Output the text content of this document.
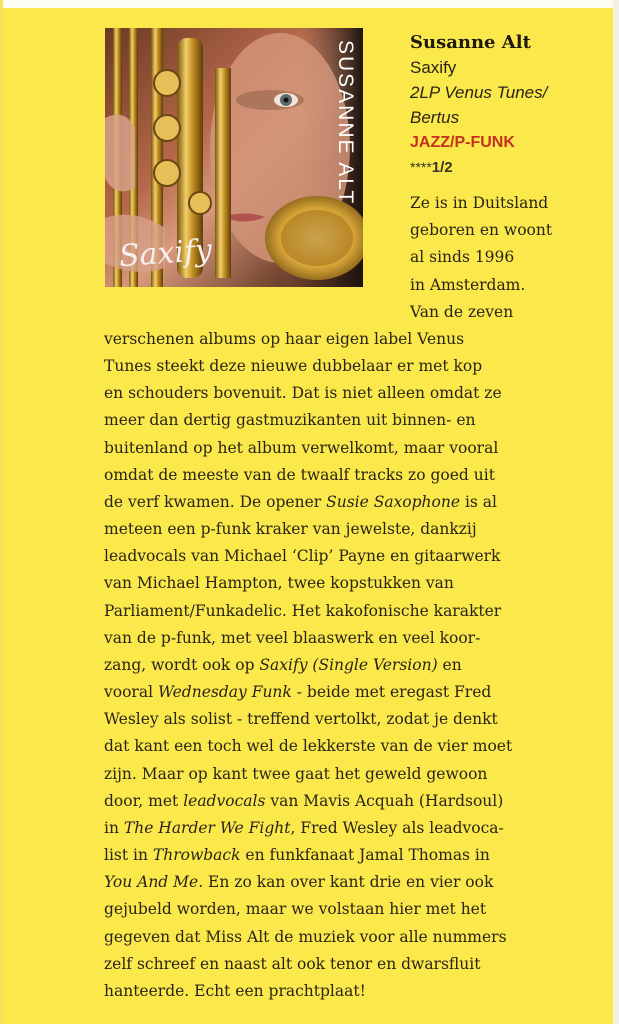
SUSANNE ALT
Saxify
Susanne Alt
Saxify
2LP Venus Tunes/
Bertus
JAZZ/P-FUNK
****1/2
Ze is in Duitsland
geboren en woont
al sinds 1996
in Amsterdam.
Van de zeven
verschenen albums op haar eigen label Venus
Tunes steekt deze nieuwe dubbelaar er met kop
en schouders bovenuit. Dat is niet alleen omdat ze
meer dan dertig gastmuzikanten uit binnen- en
buitenland op het album verwelkomt, maar vooral
omdat de meeste van de twaalf tracks zo goed uit
de verf kwamen. De opener Susie Saxophone is al
meteen een p-funk kraker van jewelste, dankzij
leadvocals van Michael ‘Clip’ Payne en gitaarwerk
van Michael Hampton, twee kopstukken van
Parliament/Funkadelic. Het kakofonische karakter
van de p-funk, met veel blaaswerk en veel koor-
zang, wordt ook op Saxify (Single Version) en
vooral Wednesday Funk - beide met eregast Fred
Wesley als solist - treffend vertolkt, zodat je denkt
dat kant een toch wel de lekkerste van de vier moet
zijn. Maar op kant twee gaat het geweld gewoon
door, met leadvocals van Mavis Acquah (Hardsoul)
in The Harder We Fight, Fred Wesley als leadvoca-
list in Throwback en funkfanaat Jamal Thomas in
You And Me. En zo kan over kant drie en vier ook
gejubeld worden, maar we volstaan hier met het
gegeven dat Miss Alt de muziek voor alle nummers
zelf schreef en naast alt ook tenor en dwarsfluit
hanteerde. Echt een prachtplaat!
